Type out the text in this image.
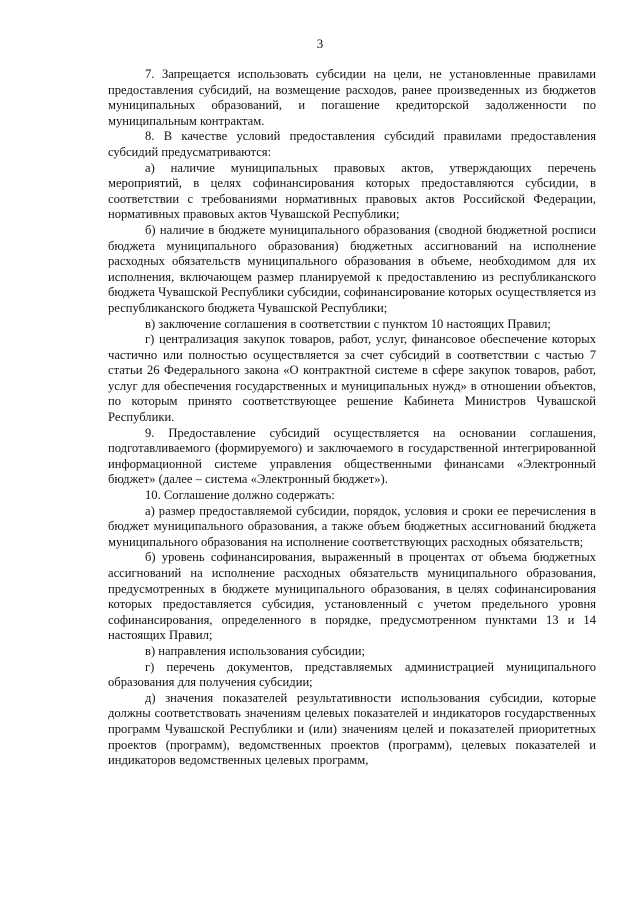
3

7. Запрещается использовать субсидии на цели, не установленные правилами предоставления субсидий, на возмещение расходов, ранее произведенных из бюджетов муниципальных образований, и погашение кредиторской задолженности по муниципальным контрактам.

8. В качестве условий предоставления субсидий правилами предоставления субсидий предусматриваются:

а) наличие муниципальных правовых актов, утверждающих перечень мероприятий, в целях софинансирования которых предоставляются субсидии, в соответствии с требованиями нормативных правовых актов Российской Федерации, нормативных правовых актов Чувашской Республики;

б) наличие в бюджете муниципального образования (сводной бюджетной росписи бюджета муниципального образования) бюджетных ассигнований на исполнение расходных обязательств муниципального образования в объеме, необходимом для их исполнения, включающем размер планируемой к предоставлению из республиканского бюджета Чувашской Республики субсидии, софинансирование которых осуществляется из республиканского бюджета Чувашской Республики;

в) заключение соглашения в соответствии с пунктом 10 настоящих Правил;

г) централизация закупок товаров, работ, услуг, финансовое обеспечение которых частично или полностью осуществляется за счет субсидий в соответствии с частью 7 статьи 26 Федерального закона «О контрактной системе в сфере закупок товаров, работ, услуг для обеспечения государственных и муниципальных нужд» в отношении объектов, по которым принято соответствующее решение Кабинета Министров Чувашской Республики.

9. Предоставление субсидий осуществляется на основании соглашения, подготавливаемого (формируемого) и заключаемого в государственной интегрированной информационной системе управления общественными финансами «Электронный бюджет» (далее – система «Электронный бюджет»).

10. Соглашение должно содержать:

а) размер предоставляемой субсидии, порядок, условия и сроки ее перечисления в бюджет муниципального образования, а также объем бюджетных ассигнований бюджета муниципального образования на исполнение соответствующих расходных обязательств;

б) уровень софинансирования, выраженный в процентах от объема бюджетных ассигнований на исполнение расходных обязательств муниципального образования, предусмотренных в бюджете муниципального образования, в целях софинансирования которых предоставляется субсидия, установленный с учетом предельного уровня софинансирования, определенного в порядке, предусмотренном пунктами 13 и 14 настоящих Правил;

в) направления использования субсидии;

г) перечень документов, представляемых администрацией муниципального образования для получения субсидии;

д) значения показателей результативности использования субсидии, которые должны соответствовать значениям целевых показателей и индикаторов государственных программ Чувашской Республики и (или) значениям целей и показателей приоритетных проектов (программ), ведомственных проектов (программ), целевых показателей и индикаторов ведомственных целевых программ,
